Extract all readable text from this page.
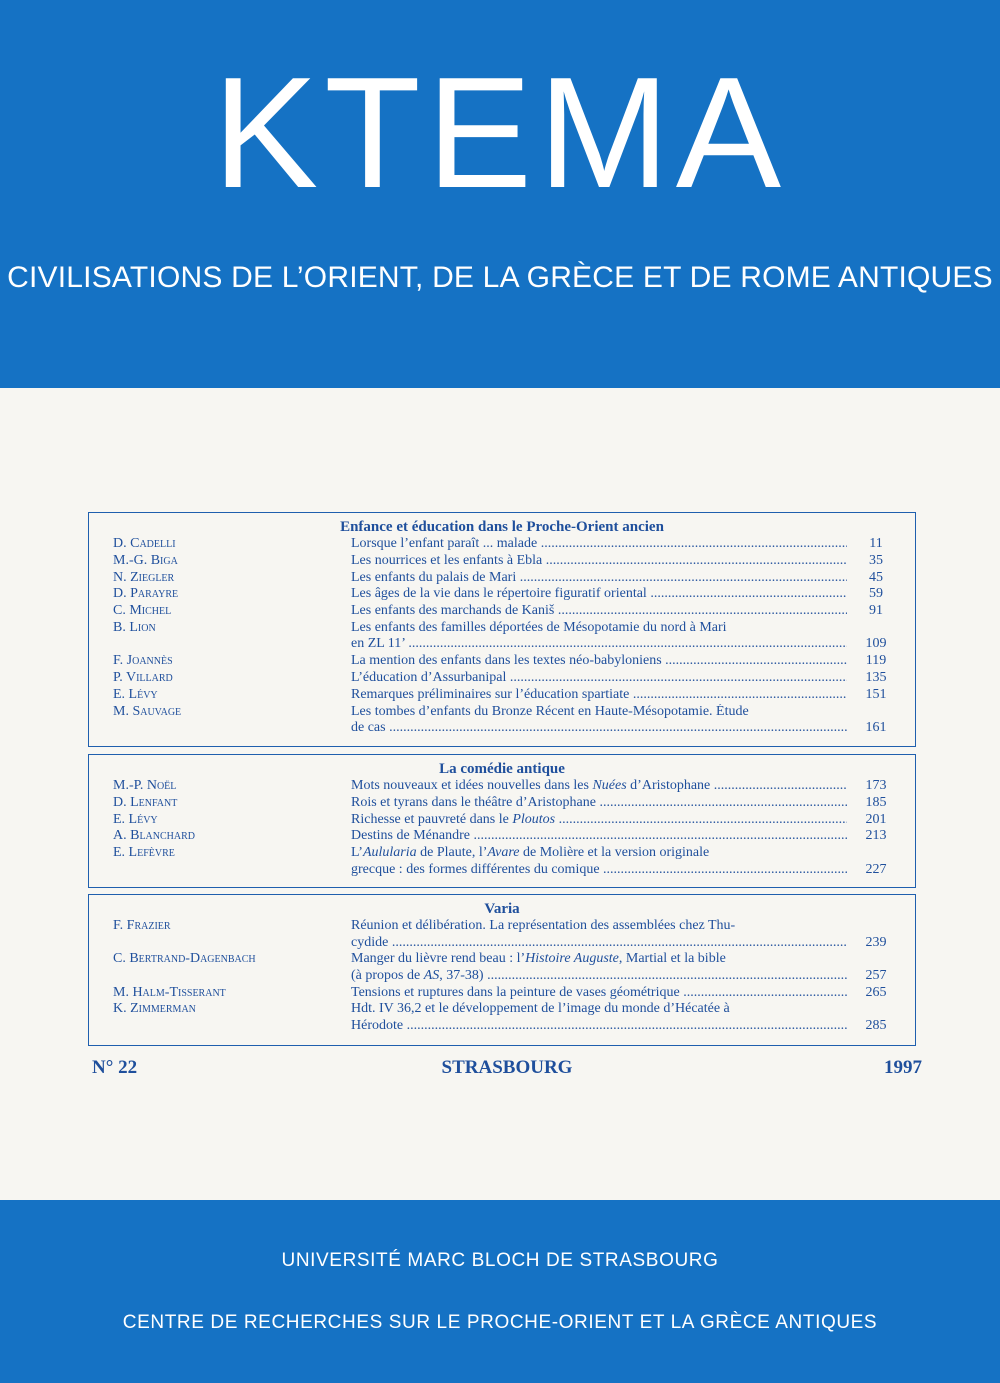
KTEMA
CIVILISATIONS DE L’ORIENT, DE LA GRÈCE ET DE ROME ANTIQUES
Enfance et éducation dans le Proche-Orient ancien
D. Cadelli	Lorsque l’enfant paraît ... malade .....	11
M.-G. Biga	Les nourrices et les enfants à Ebla .....	35
N. Ziegler	Les enfants du palais de Mari .....	45
D. Parayre	Les âges de la vie dans le répertoire figuratif oriental .....	59
C. Michel	Les enfants des marchands de Kaniš .....	91
B. Lion	Les enfants des familles déportées de Mésopotamie du nord à Mari
en ZL 11’ .....	109
F. Joannès	La mention des enfants dans les textes néo-babyloniens .....	119
P. Villard	L’éducation d’Assurbanipal .....	135
E. Lévy	Remarques préliminaires sur l’éducation spartiate .....	151
M. Sauvage	Les tombes d’enfants du Bronze Récent en Haute-Mésopotamie. Étude
de cas .....	161
La comédie antique
M.-P. Noël	Mots nouveaux et idées nouvelles dans les Nuées d’Aristophane .....	173
D. Lenfant	Rois et tyrans dans le théâtre d’Aristophane .....	185
E. Lévy	Richesse et pauvreté dans le Ploutos .....	201
A. Blanchard	Destins de Ménandre .....	213
E. Lefèvre	L’Aulularia de Plaute, l’Avare de Molière et la version originale
grecque : des formes différentes du comique .....	227
Varia
F. Frazier	Réunion et délibération. La représentation des assemblées chez Thu-
cydide .....	239
C. Bertrand-Dagenbach	Manger du lièvre rend beau : l’Histoire Auguste, Martial et la bible
(à propos de AS, 37-38) .....	257
M. Halm-Tisserant	Tensions et ruptures dans la peinture de vases géométrique .....	265
K. Zimmerman	Hdt. IV 36,2 et le développement de l’image du monde d’Hécatée à
Hérodote .....	285
N° 22	STRASBOURG	1997
UNIVERSITÉ MARC BLOCH DE STRASBOURG
CENTRE DE RECHERCHES SUR LE PROCHE-ORIENT ET LA GRÈCE ANTIQUES
